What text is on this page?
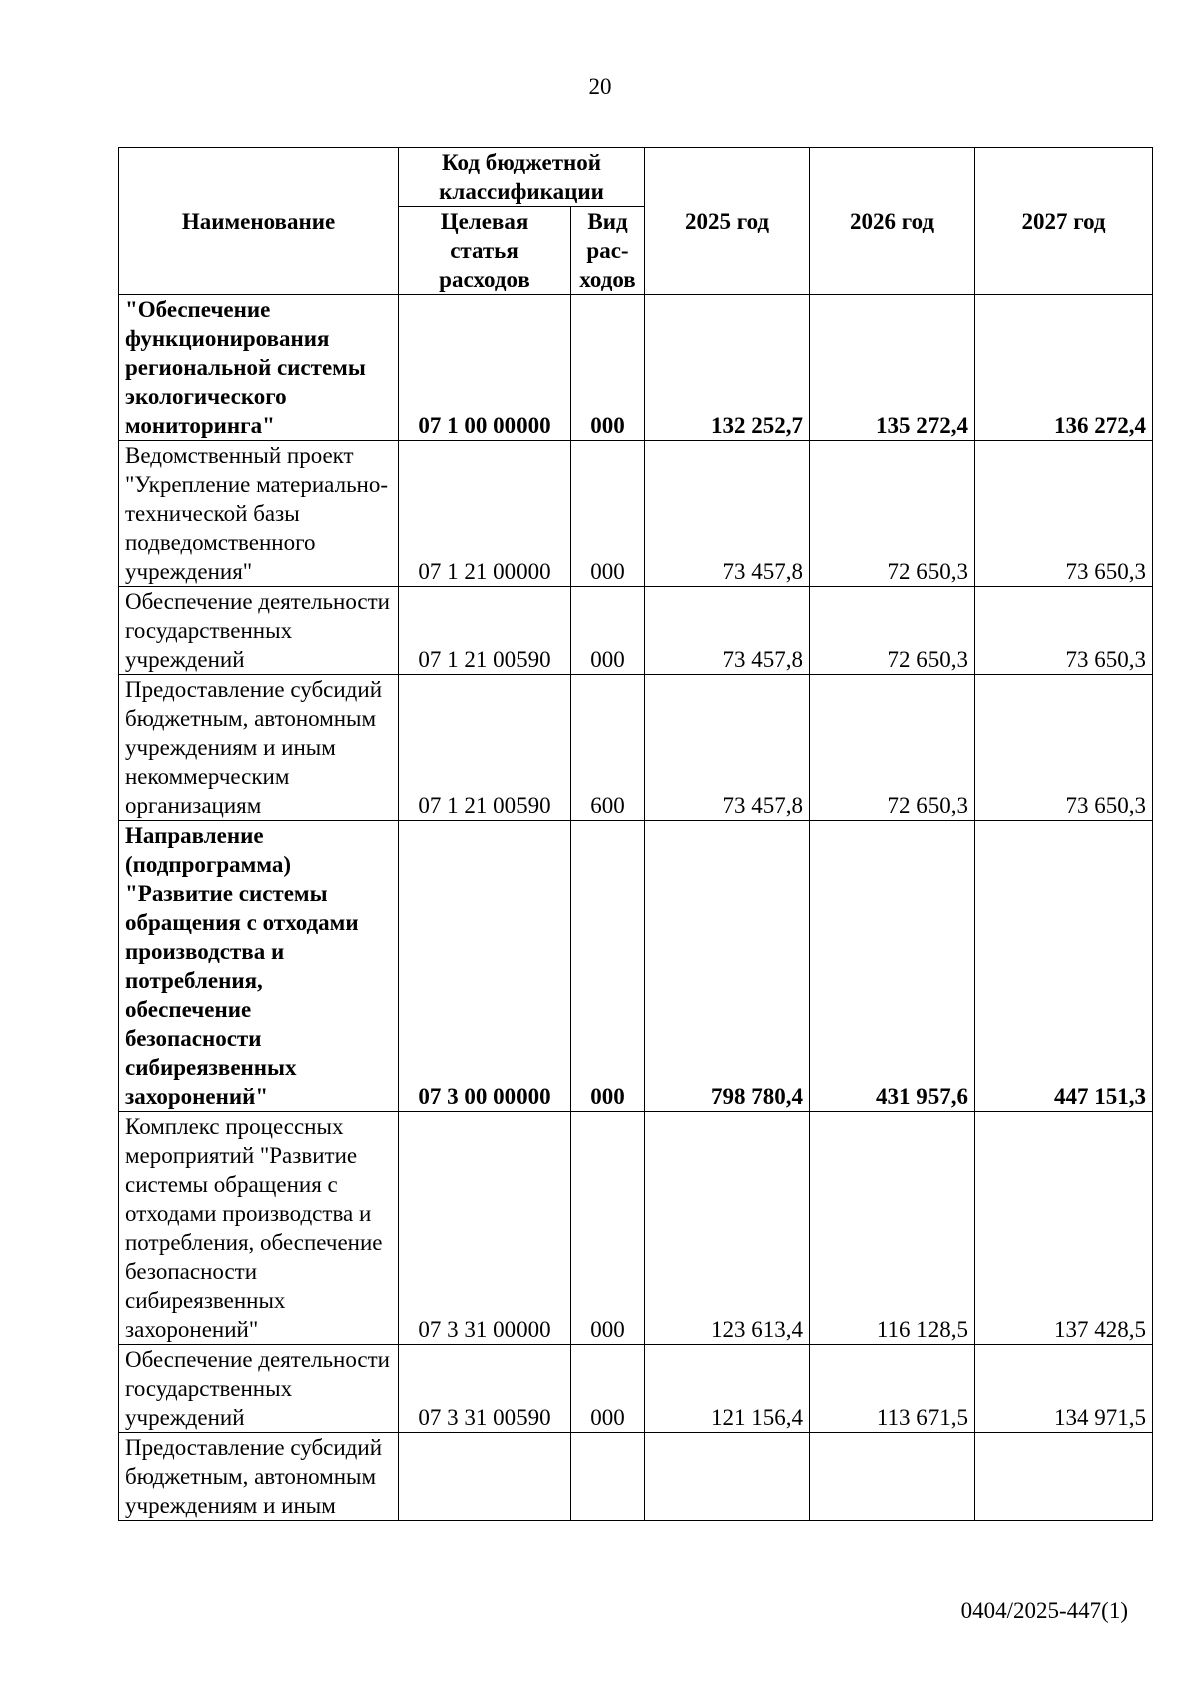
20
Наименование	Код бюджетной классификации		2025 год	2026 год	2027 год
	Целевая статья расходов	Вид рас-ходов			
"Обеспечение функционирования региональной системы экологического мониторинга"	07 1 00 00000	000	132 252,7	135 272,4	136 272,4
Ведомственный проект "Укрепление материально-технической базы подведомственного учреждения"	07 1 21 00000	000	73 457,8	72 650,3	73 650,3
Обеспечение деятельности государственных учреждений	07 1 21 00590	000	73 457,8	72 650,3	73 650,3
Предоставление субсидий бюджетным, автономным учреждениям и иным некоммерческим организациям	07 1 21 00590	600	73 457,8	72 650,3	73 650,3
Направление (подпрограмма) "Развитие системы обращения с отходами производства и потребления, обеспечение безопасности сибиреязвенных захоронений"	07 3 00 00000	000	798 780,4	431 957,6	447 151,3
Комплекс процессных мероприятий "Развитие системы обращения с отходами производства и потребления, обеспечение безопасности сибиреязвенных захоронений"	07 3 31 00000	000	123 613,4	116 128,5	137 428,5
Обеспечение деятельности государственных учреждений	07 3 31 00590	000	121 156,4	113 671,5	134 971,5
Предоставление субсидий бюджетным, автономным учреждениям и иным					
0404/2025-447(1)
